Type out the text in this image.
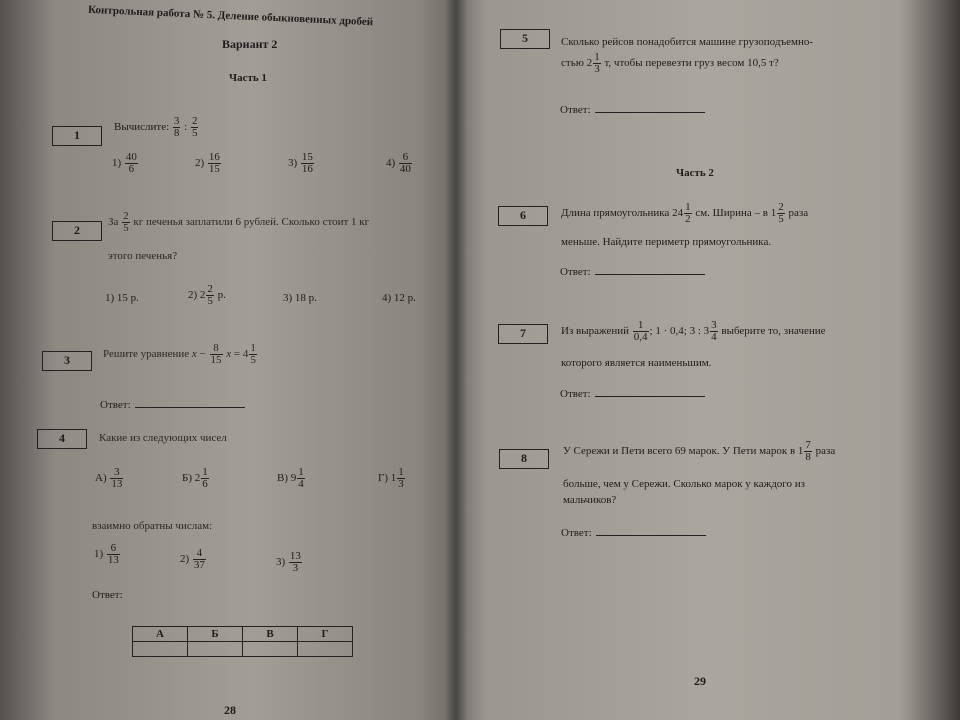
Контрольная работа № 5. Деление обыкновенных дробей
Вариант 2
Часть 1
1
Вычислите: $\frac{3}{8}$ : $\frac{2}{5}$
$1) \frac{40}{6}$	$2) \frac{16}{15}$	$3) \frac{15}{16}$	$4) \frac{6}{40}$
2
За $\frac{2}{5}$ кг печенья заплатили 6 рублей. Сколько стоит 1 кг
этого печенья?
1) 15 р.	2) $2 \frac{2}{5} р$.	3) 18 р.	4) 12 р.
3	Решите уравнение $x - \frac{8}{15}$ $x = 4 \frac{1}{5}$
Ответ:
4	Какие из следующих чисел
$А) \frac{3}{13}$	Б) $2 \frac{1}{6}$	В) $9 \frac{1}{4}$	Г) $1 \frac{1}{3}$
взаимно обратны числам:
$1) \frac{6}{13}$	$2) \frac{4}{37}$	$3) \frac{13}{3}$
Ответ:
А	Б	В	Г

28
5	Сколько рейсов понадобится машине грузоподъемно-
стью $2 \frac{1}{3} т$, чтобы перевезти груз весом 10,5 т?
Ответ:
Часть 2
6	Длина прямоугольника $24 \frac{1}{2}$ см. Ширина – в $1 \frac{2}{5}$ раза
меньше. Найдите периметр прямоугольника.
Ответ:
7	Из выражений $\frac{1}{0,4}$ ; 1 · 0,4; 3 : $3 \frac{3}{4}$ выберите то, значение
которого является наименьшим.
Ответ:
8	У Сережи и Пети всего 69 марок. У Пети марок в $1 \frac{7}{8}$ раза
больше, чем у Сережи. Сколько марок у каждого из
мальчиков?
Ответ:
29
